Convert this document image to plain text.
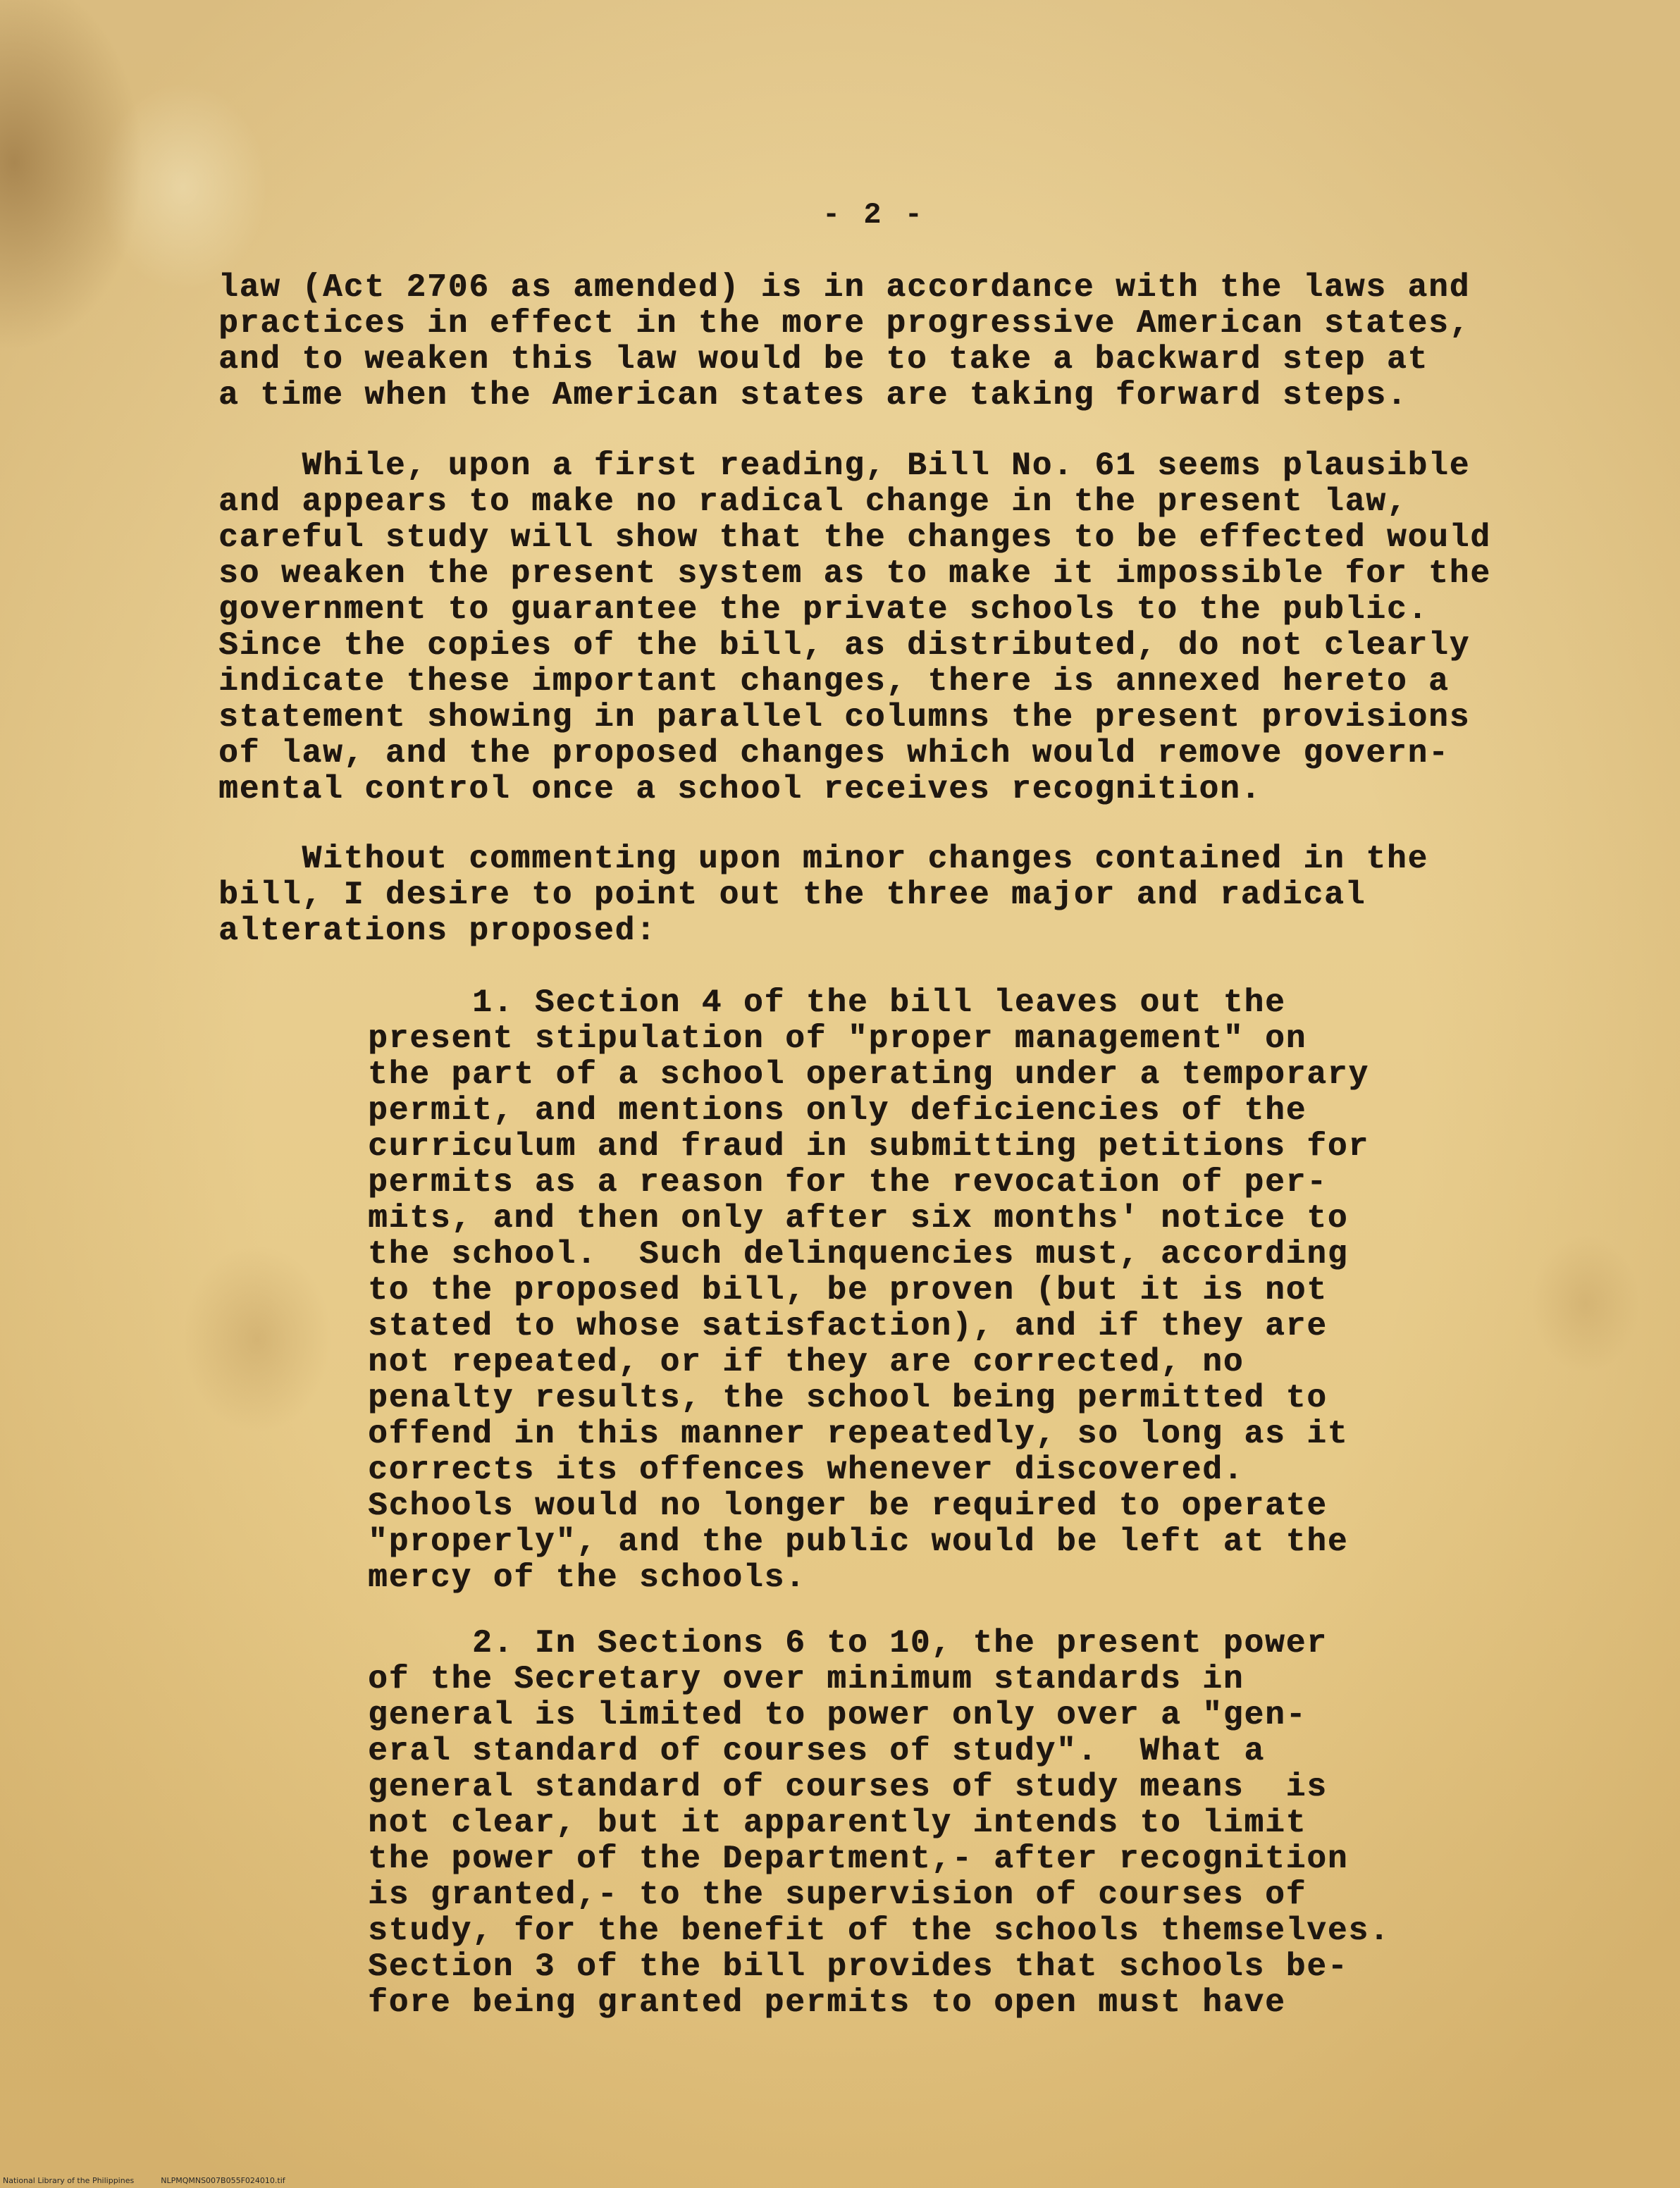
- 2 -
law (Act 2706 as amended) is in accordance with the laws and
practices in effect in the more progressive American states,
and to weaken this law would be to take a backward step at
a time when the American states are taking forward steps.
While, upon a first reading, Bill No. 61 seems plausible
and appears to make no radical change in the present law,
careful study will show that the changes to be effected would
so weaken the present system as to make it impossible for the
government to guarantee the private schools to the public.
Since the copies of the bill, as distributed, do not clearly
indicate these important changes, there is annexed hereto a
statement showing in parallel columns the present provisions
of law, and the proposed changes which would remove govern-
mental control once a school receives recognition.
Without commenting upon minor changes contained in the
bill, I desire to point out the three major and radical
alterations proposed:
1. Section 4 of the bill leaves out the
present stipulation of "proper management" on
the part of a school operating under a temporary
permit, and mentions only deficiencies of the
curriculum and fraud in submitting petitions for
permits as a reason for the revocation of per-
mits, and then only after six months' notice to
the school.  Such delinquencies must, according
to the proposed bill, be proven (but it is not
stated to whose satisfaction), and if they are
not repeated, or if they are corrected, no
penalty results, the school being permitted to
offend in this manner repeatedly, so long as it
corrects its offences whenever discovered.
Schools would no longer be required to operate
"properly", and the public would be left at the
mercy of the schools.
2. In Sections 6 to 10, the present power
of the Secretary over minimum standards in
general is limited to power only over a "gen-
eral standard of courses of study".  What a
general standard of courses of study means  is
not clear, but it apparently intends to limit
the power of the Department,- after recognition
is granted,- to the supervision of courses of
study, for the benefit of the schools themselves.
Section 3 of the bill provides that schools be-
fore being granted permits to open must have
National Library of the Philippines	NLPMQMNS007B055F024010.tif
